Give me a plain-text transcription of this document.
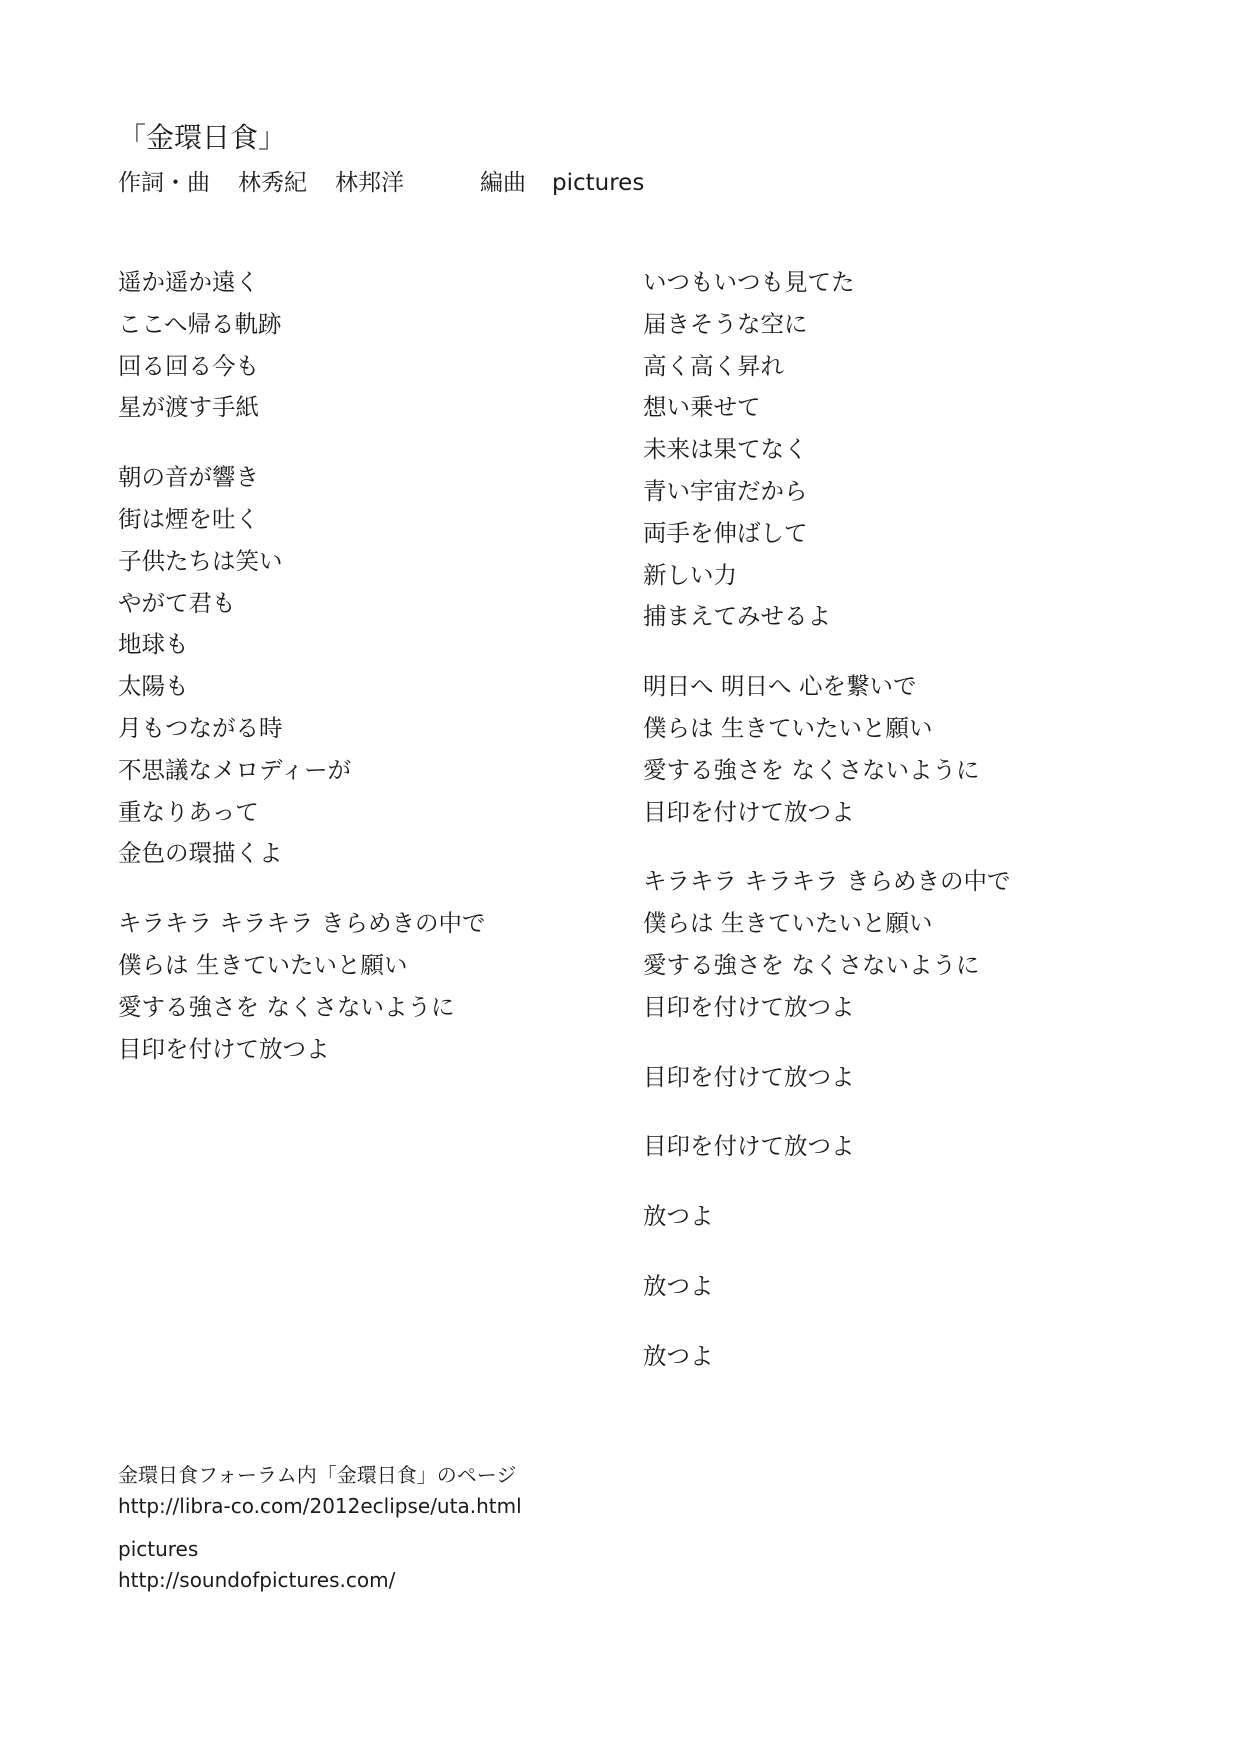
「金環日食」
作詞・曲 林秀紀 林邦洋	編曲 pictures
遥か遥か遠く
ここへ帰る軌跡
回る回る今も
星が渡す手紙
朝の音が響き
街は煙を吐く
子供たちは笑い
やがて君も
地球も
太陽も
月もつながる時
不思議なメロディーが
重なりあって
金色の環描くよ
キラキラ キラキラ きらめきの中で
僕らは 生きていたいと願い
愛する強さを なくさないように
目印を付けて放つよ
いつもいつも見てた
届きそうな空に
高く高く昇れ
想い乗せて
未来は果てなく
青い宇宙だから
両手を伸ばして
新しい力
捕まえてみせるよ
明日へ 明日へ 心を繋いで
僕らは 生きていたいと願い
愛する強さを なくさないように
目印を付けて放つよ
キラキラ キラキラ きらめきの中で
僕らは 生きていたいと願い
愛する強さを なくさないように
目印を付けて放つよ
目印を付けて放つよ
目印を付けて放つよ
放つよ
放つよ
放つよ
金環日食フォーラム内「金環日食」のページ
http://libra-co.com/2012eclipse/uta.html
pictures
http://soundofpictures.com/
